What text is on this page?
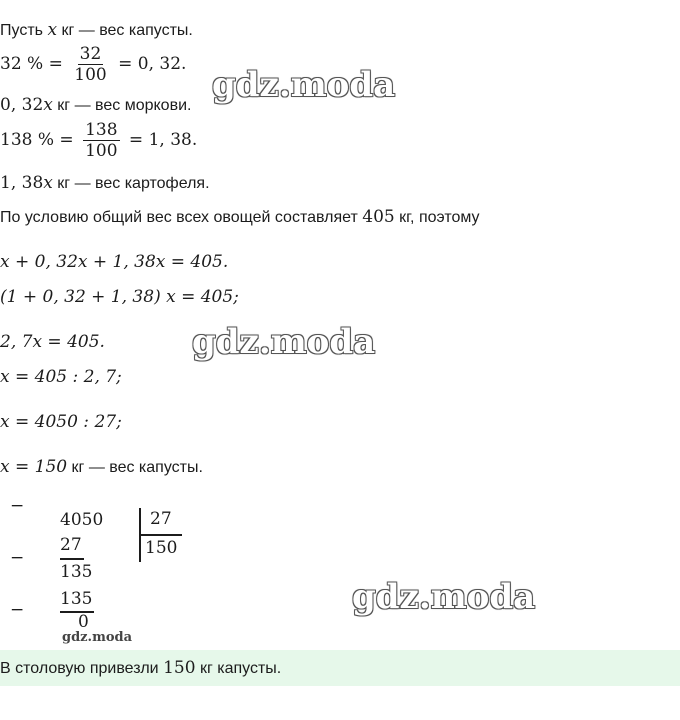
Пусть x кг — вес капусты.
32 % = $\frac{32}{100} = 0$, 32.
0, 32x кг — вес моркови.
138 % = $\frac{138}{100} = 1$, 38.
1, 38x кг — вес картофеля.
По условию общий вес всех овощей составляет 405 кг, поэтому
x + 0, 32x + 1, 38x = 405.
(1 + 0, 32 + 1, 38) x = 405;
2, 7x = 405.
x = 405 : 2, 7;
x = 4050 : 27;
x = 150 кг — вес капусты.
−
4050	27
150
−
27
135
−
135
0
gdz.moda
gdz.moda
gdz.moda
gdz.moda
В столовую привезли 150 кг капусты.
